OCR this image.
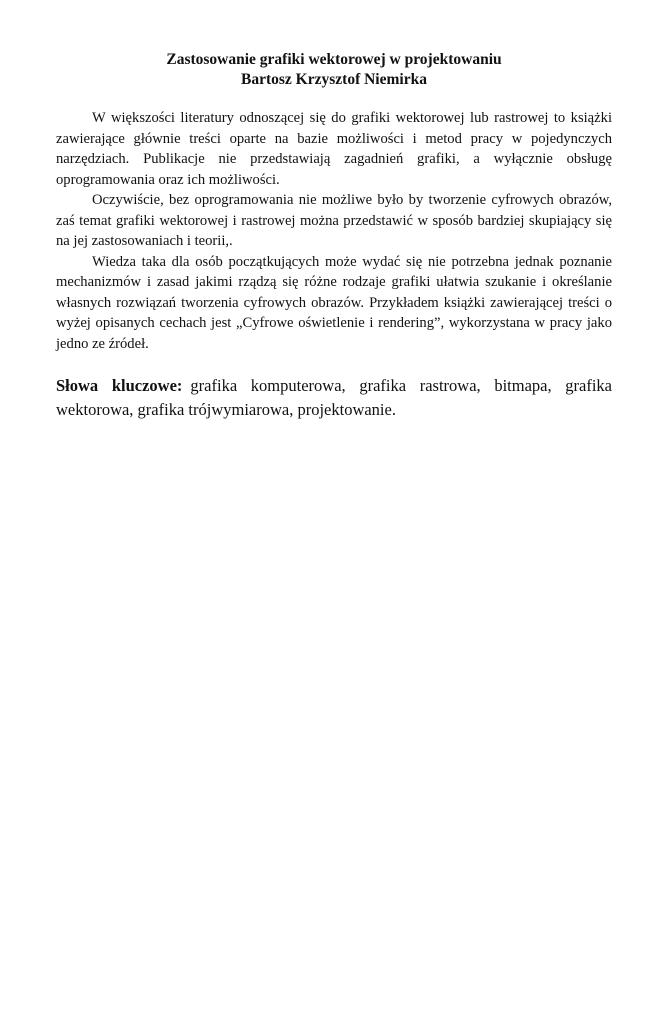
Zastosowanie grafiki wektorowej w projektowaniu
Bartosz Krzysztof Niemirka

W większości literatury odnoszącej się do grafiki wektorowej lub rastrowej to książki zawierające głównie treści oparte na bazie możliwości i metod pracy w pojedynczych narzędziach. Publikacje nie przedstawiają zagadnień grafiki, a wyłącznie obsługę oprogramowania oraz ich możliwości.

Oczywiście, bez oprogramowania nie możliwe było by tworzenie cyfrowych obrazów, zaś temat grafiki wektorowej i rastrowej można przedstawić w sposób bardziej skupiający się na jej zastosowaniach i teorii,.

Wiedza taka dla osób początkujących może wydać się nie potrzebna jednak poznanie mechanizmów i zasad jakimi rządzą się różne rodzaje grafiki ułatwia szukanie i określanie własnych rozwiązań tworzenia cyfrowych obrazów. Przykładem książki zawierającej treści o wyżej opisanych cechach jest „Cyfrowe oświetlenie i rendering”, wykorzystana w pracy jako jedno ze źródeł.

Słowa kluczowe: grafika komputerowa, grafika rastrowa, bitmapa, grafika wektorowa, grafika trójwymiarowa, projektowanie.
